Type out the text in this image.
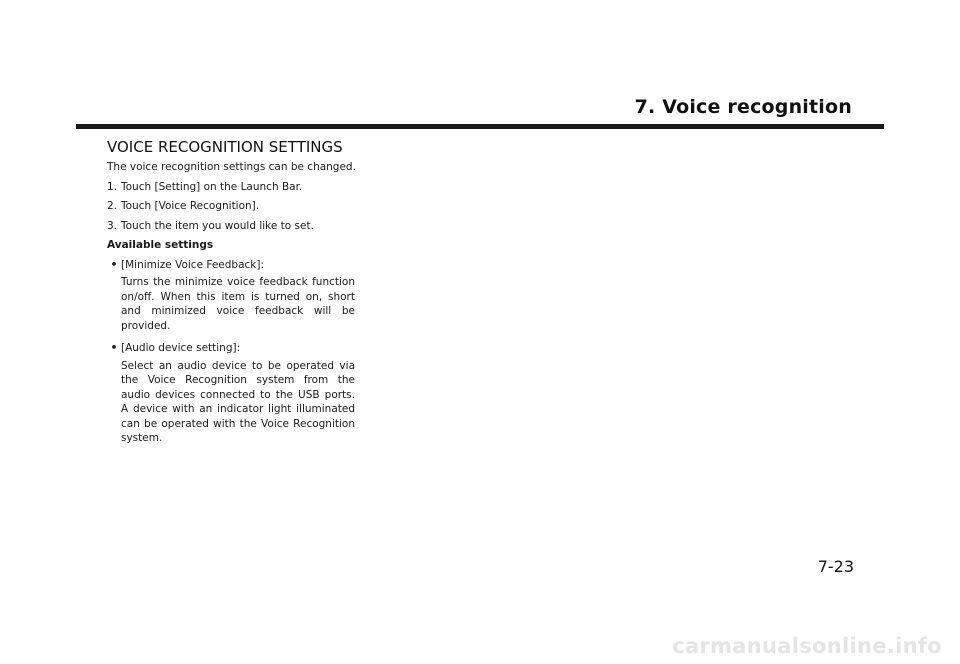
7. Voice recognition
VOICE RECOGNITION SETTINGS

The voice recognition settings can be changed.

1. Touch [Setting] on the Launch Bar.
2. Touch [Voice Recognition].
3. Touch the item you would like to set.
Available settings
• [Minimize Voice Feedback]:

Turns the minimize voice feedback function on/off. When this item is turned on, short and minimized voice feedback will be provided.

• [Audio device setting]:

Select an audio device to be operated via the Voice Recognition system from the audio devices connected to the USB ports. A device with an indicator light illuminated can be operated with the Voice Recognition system.

7-23
carmanualsonline.info
